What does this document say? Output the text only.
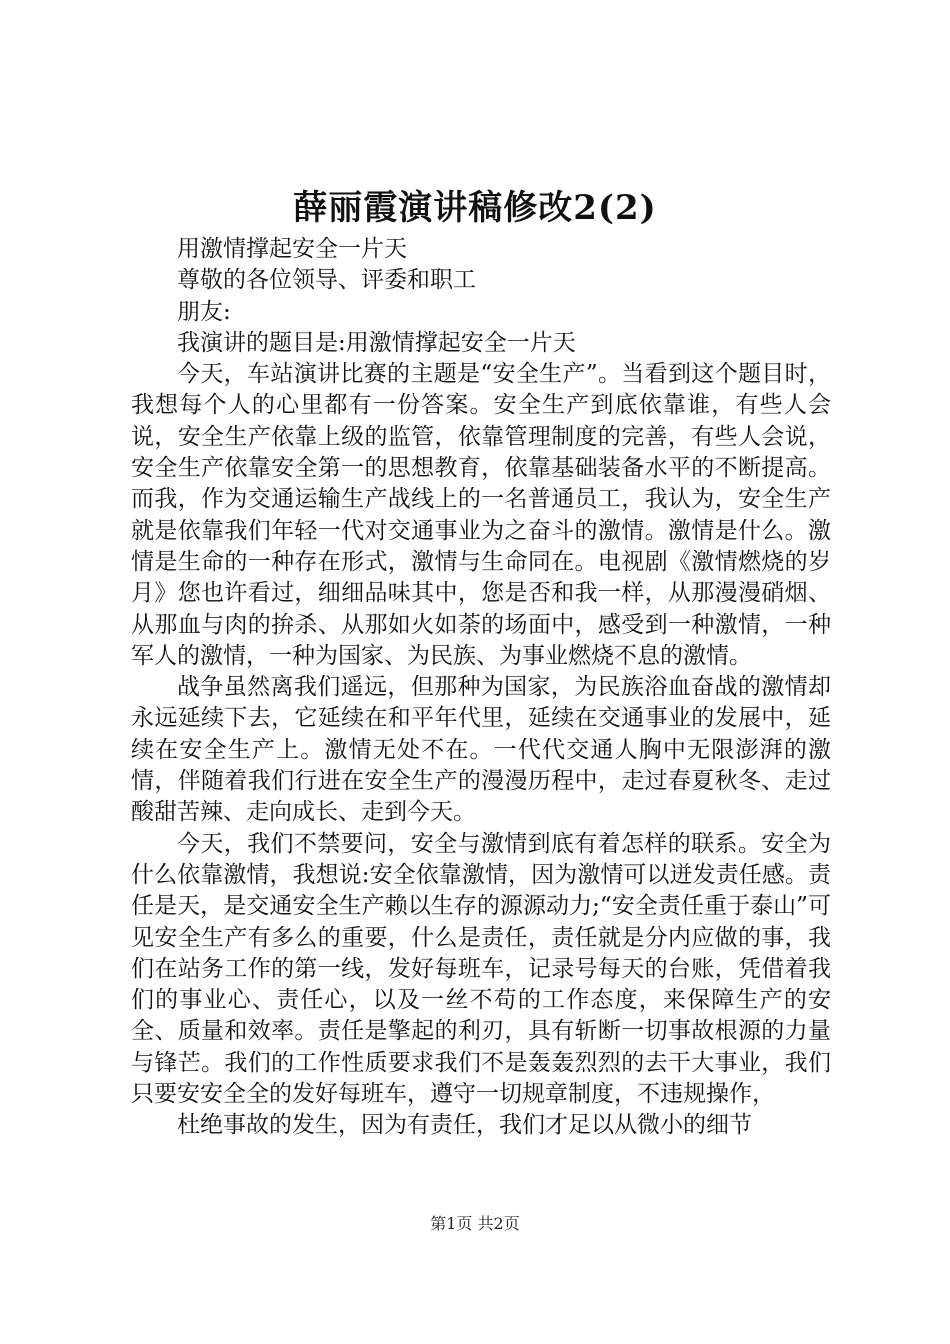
薛丽霞演讲稿修改2(2)

用激情撑起安全一片天

尊敬的各位领导、评委和职工

朋友:

我演讲的题目是:用激情撑起安全一片天

今天，车站演讲比赛的主题是“安全生产”。当看到这个题目时，我想每个人的心里都有一份答案。安全生产到底依靠谁，有些人会说，安全生产依靠上级的监管，依靠管理制度的完善，有些人会说，安全生产依靠安全第一的思想教育，依靠基础装备水平的不断提高。而我，作为交通运输生产战线上的一名普通员工，我认为，安全生产就是依靠我们年轻一代对交通事业为之奋斗的激情。激情是什么。激情是生命的一种存在形式，激情与生命同在。电视剧《激情燃烧的岁月》您也许看过，细细品味其中，您是否和我一样，从那漫漫硝烟、从那血与肉的拚杀、从那如火如荼的场面中，感受到一种激情，一种军人的激情，一种为国家、为民族、为事业燃烧不息的激情。

战争虽然离我们遥远，但那种为国家，为民族浴血奋战的激情却永远延续下去，它延续在和平年代里，延续在交通事业的发展中，延续在安全生产上。激情无处不在。一代代交通人胸中无限澎湃的激情，伴随着我们行进在安全生产的漫漫历程中，走过春夏秋冬、走过酸甜苦辣、走向成长、走到今天。

今天，我们不禁要问，安全与激情到底有着怎样的联系。安全为什么依靠激情，我想说:安全依靠激情，因为激情可以迸发责任感。责任是天，是交通安全生产赖以生存的源源动力;“安全责任重于泰山”可见安全生产有多么的重要，什么是责任，责任就是分内应做的事，我们在站务工作的第一线，发好每班车，记录号每天的台账，凭借着我们的事业心、责任心，以及一丝不苟的工作态度，来保障生产的安全、质量和效率。责任是擎起的利刃，具有斩断一切事故根源的力量与锋芒。我们的工作性质要求我们不是轰轰烈烈的去干大事业，我们只要安安全全的发好每班车，遵守一切规章制度，不违规操作，

杜绝事故的发生，因为有责任，我们才足以从微小的细节

第1页 共2页
